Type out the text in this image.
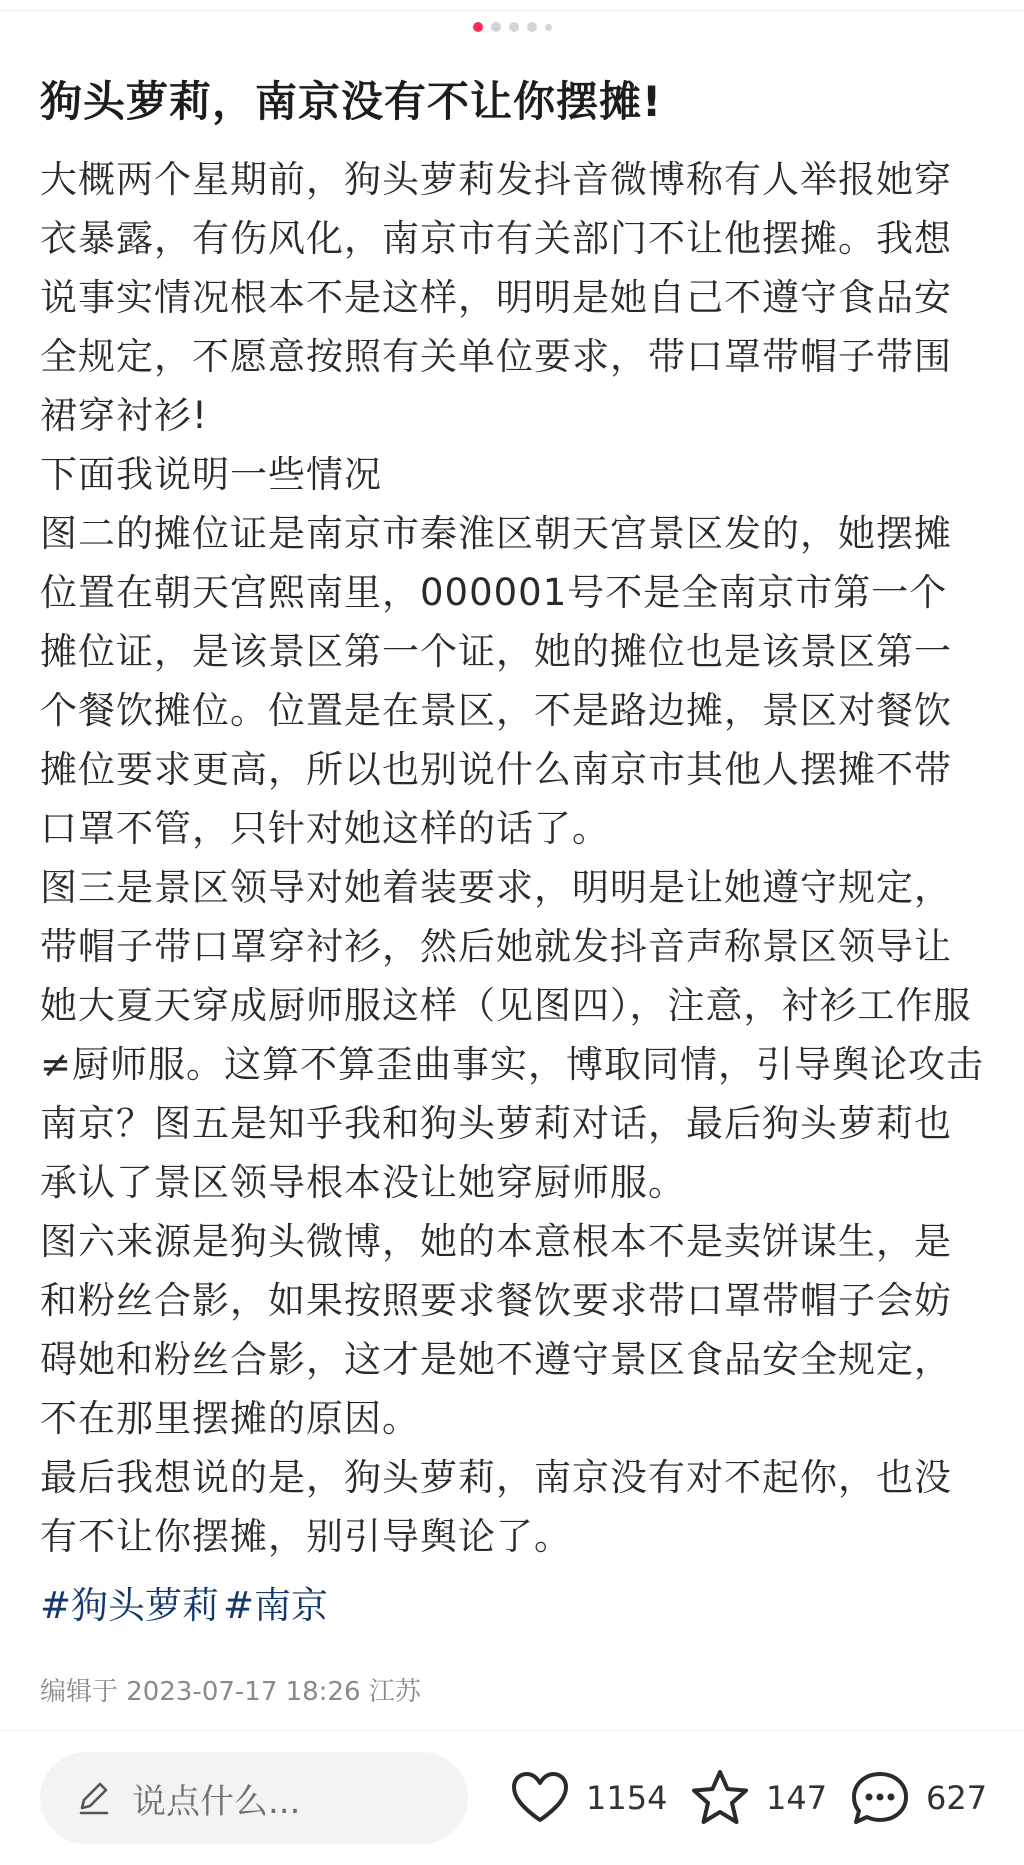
狗头萝莉，南京没有不让你摆摊!

大概两个星期前，狗头萝莉发抖音微博称有人举报她穿衣暴露，有伤风化，南京市有关部门不让他摆摊。我想说事实情况根本不是这样，明明是她自己不遵守食品安全规定，不愿意按照有关单位要求，带口罩带帽子带围裙穿衬衫!

下面我说明一些情况

图二的摊位证是南京市秦淮区朝天宫景区发的，她摆摊位置在朝天宫熙南里，000001号不是全南京市第一个摊位证，是该景区第一个证，她的摊位也是该景区第一个餐饮摊位。位置是在景区，不是路边摊，景区对餐饮摊位要求更高，所以也别说什么南京市其他人摆摊不带口罩不管，只针对她这样的话了。

图三是景区领导对她着装要求，明明是让她遵守规定，带帽子带口罩穿衬衫，然后她就发抖音声称景区领导让她大夏天穿成厨师服这样（见图四），注意，衬衫工作服≠厨师服。这算不算歪曲事实，博取同情，引导舆论攻击南京？图五是知乎我和狗头萝莉对话，最后狗头萝莉也承认了景区领导根本没让她穿厨师服。

图六来源是狗头微博，她的本意根本不是卖饼谋生，是和粉丝合影，如果按照要求餐饮要求带口罩带帽子会妨碍她和粉丝合影，这才是她不遵守景区食品安全规定，不在那里摆摊的原因。

最后我想说的是，狗头萝莉，南京没有对不起你，也没有不让你摆摊，别引导舆论了。

#狗头萝莉 #南京
编辑于 2023-07-17 18:26 江苏
说点什么...	1154	147	627
